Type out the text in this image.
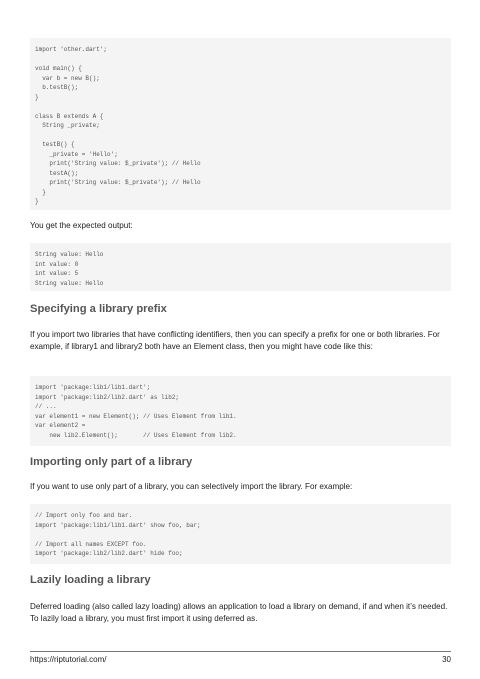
import 'other.dart';

void main() {
var b = new B();
b.testB();
}

class B extends A {
String _private;

testB() {
_private = 'Hello';
print('String value: $_private'); // Hello
testA();
print('String value: $_private'); // Hello
}
}

You get the expected output:

String value: Hello
int value: 0
int value: 5
String value: Hello
Specifying a library prefix

If you import two libraries that have conflicting identifiers, then you can specify a prefix for one or both libraries. For example, if library1 and library2 both have an Element class, then you might have code like this:

import 'package:lib1/lib1.dart';
import 'package:lib2/lib2.dart' as lib2;
// ...
var element1 = new Element(); // Uses Element from lib1.
var element2 =
new lib2.Element();       // Uses Element from lib2.
Importing only part of a library

If you want to use only part of a library, you can selectively import the library. For example:

// Import only foo and bar.
import 'package:lib1/lib1.dart' show foo, bar;

// Import all names EXCEPT foo.
import 'package:lib2/lib2.dart' hide foo;
Lazily loading a library

Deferred loading (also called lazy loading) allows an application to load a library on demand, if and when it’s needed. To lazily load a library, you must first import it using deferred as.

https://riptutorial.com/	30
